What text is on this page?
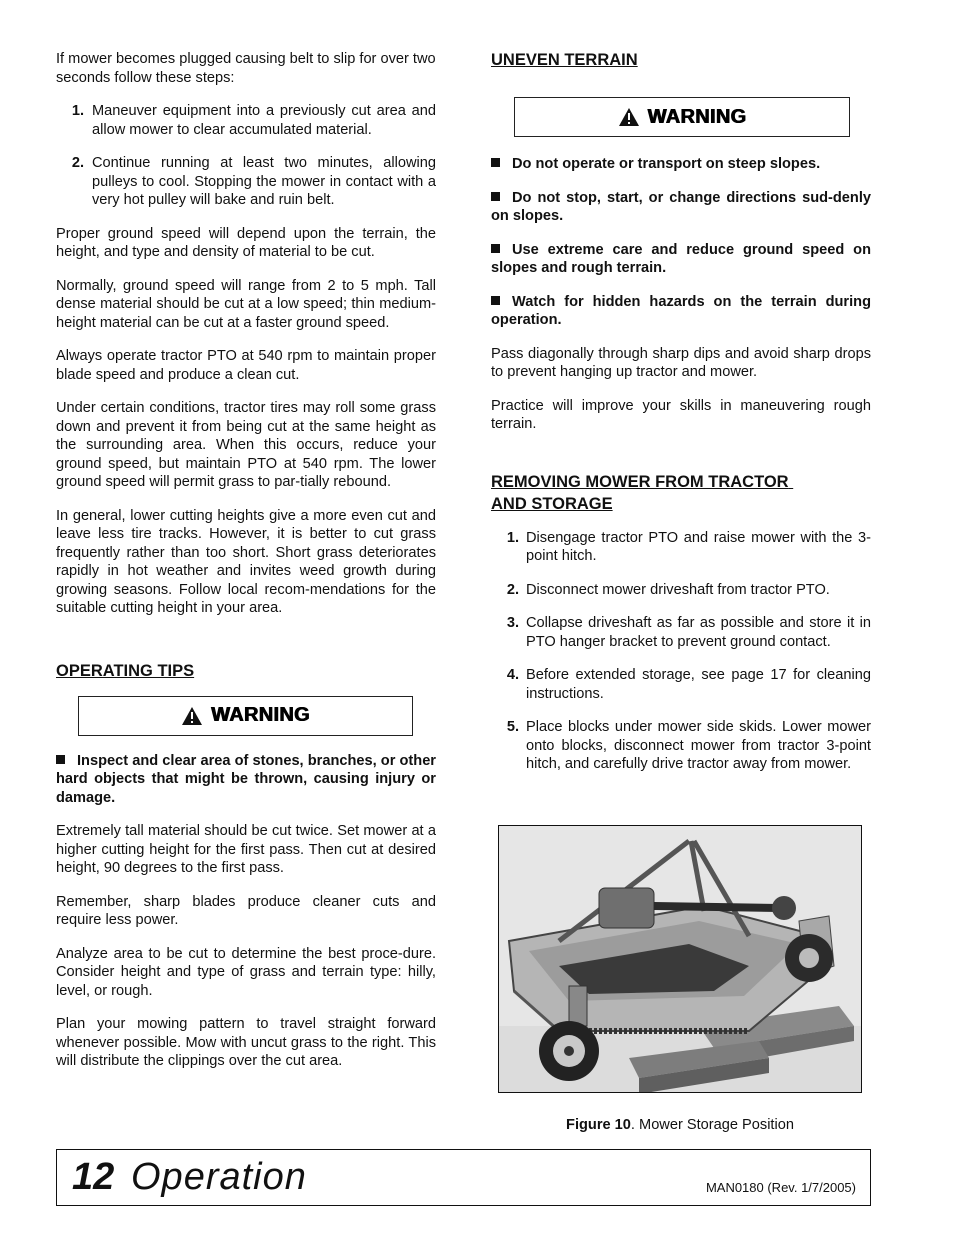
If mower becomes plugged causing belt to slip for over two seconds follow these steps:

1. Maneuver equipment into a previously cut area and allow mower to clear accumulated material.
2. Continue running at least two minutes, allowing pulleys to cool. Stopping the mower in contact with a very hot pulley will bake and ruin belt.

Proper ground speed will depend upon the terrain, the height, and type and density of material to be cut.

Normally, ground speed will range from 2 to 5 mph. Tall dense material should be cut at a low speed; thin medium-height material can be cut at a faster ground speed.

Always operate tractor PTO at 540 rpm to maintain proper blade speed and produce a clean cut.

Under certain conditions, tractor tires may roll some grass down and prevent it from being cut at the same height as the surrounding area. When this occurs, reduce your ground speed, but maintain PTO at 540 rpm. The lower ground speed will permit grass to par-tially rebound.

In general, lower cutting heights give a more even cut and leave less tire tracks. However, it is better to cut grass frequently rather than too short. Short grass deteriorates rapidly in hot weather and invites weed growth during growing seasons. Follow local recom-mendations for the suitable cutting height in your area.

OPERATING TIPS
WARNING
Inspect and clear area of stones, branches, or other hard objects that might be thrown, causing injury or damage.

Extremely tall material should be cut twice. Set mower at a higher cutting height for the first pass. Then cut at desired height, 90 degrees to the first pass.

Remember, sharp blades produce cleaner cuts and require less power.

Analyze area to be cut to determine the best proce-dure. Consider height and type of grass and terrain type: hilly, level, or rough.

Plan your mowing pattern to travel straight forward whenever possible. Mow with uncut grass to the right. This will distribute the clippings over the cut area.

UNEVEN TERRAIN
WARNING
Do not operate or transport on steep slopes.
Do not stop, start, or change directions sud-denly on slopes.
Use extreme care and reduce ground speed on slopes and rough terrain.
Watch for hidden hazards on the terrain during operation.

Pass diagonally through sharp dips and avoid sharp drops to prevent hanging up tractor and mower.

Practice will improve your skills in maneuvering rough terrain.

REMOVING MOWER FROM TRACTOR
AND STORAGE
1. Disengage tractor PTO and raise mower with the 3-point hitch.
2. Disconnect mower driveshaft from tractor PTO.
3. Collapse driveshaft as far as possible and store it in PTO hanger bracket to prevent ground contact.
4. Before extended storage, see page 17 for cleaning instructions.
5. Place blocks under mower side skids. Lower mower onto blocks, disconnect mower from tractor 3-point hitch, and carefully drive tractor away from mower.
Figure 10. Mower Storage Position
12 Operation	MAN0180 (Rev. 1/7/2005)
